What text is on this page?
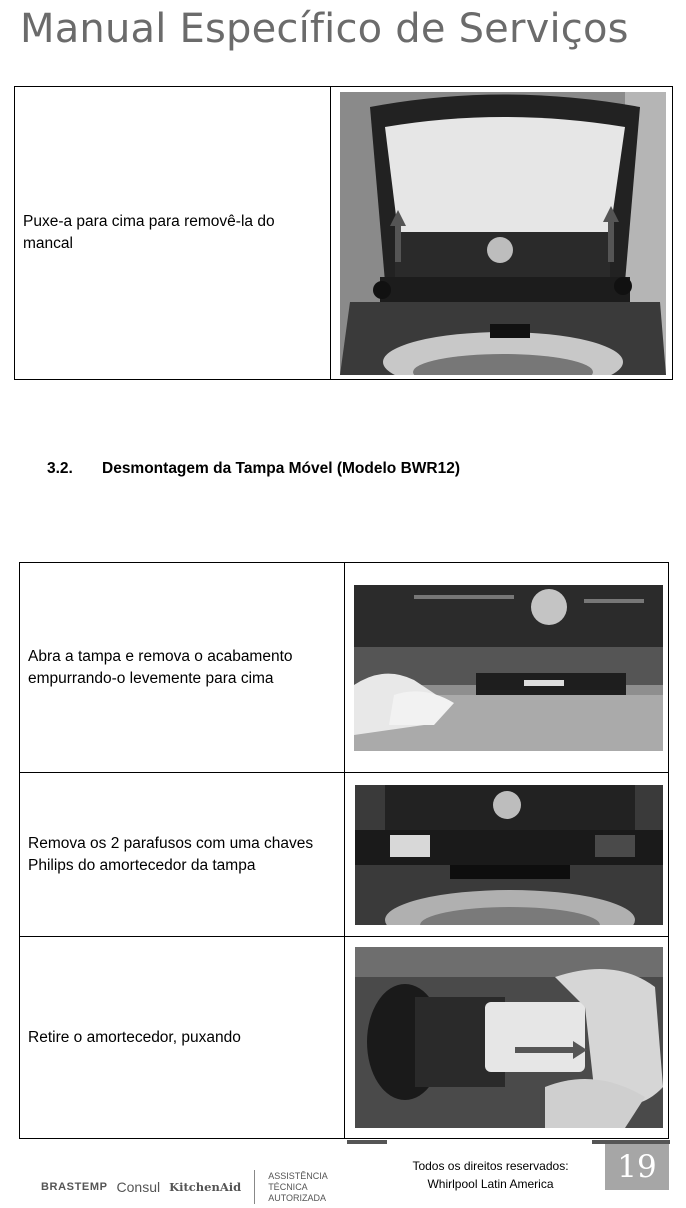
Manual Específico de Serviços
Puxe-a para cima para removê-la do mancal

3.2. Desmontagem da Tampa Móvel (Modelo BWR12)
Abra a tampa e remova o acabamento empurrando-o levemente para cima

Remova os 2 parafusos com uma chaves Philips do amortecedor da tampa

Retire o amortecedor, puxando

BRASTEMP Consul KitchenAid
ASSISTÊNCIA TÉCNICA AUTORIZADA
Todos os direitos reservados:
Whirlpool Latin America	19
